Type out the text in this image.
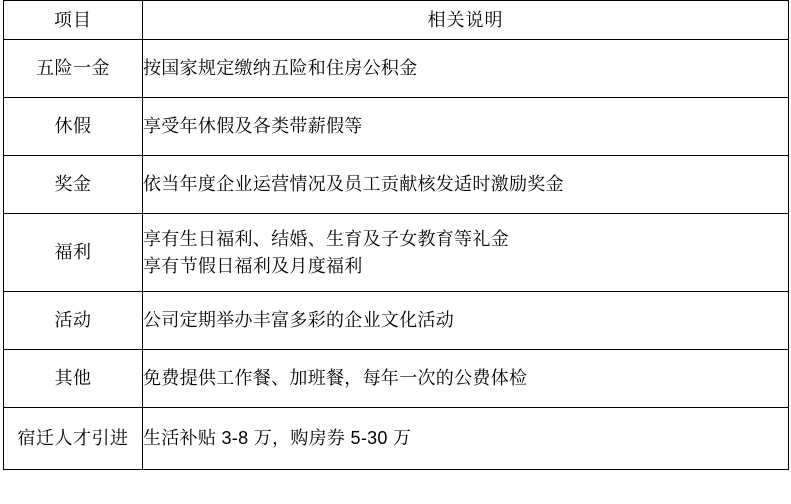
项目	相关说明
五险一金	按国家规定缴纳五险和住房公积金

休假	享受年休假及各类带薪假等

奖金	依当年度企业运营情况及员工贡献核发适时激励奖金

福利	享有生日福利、结婚、生育及子女教育等礼金
享有节假日福利及月度福利

活动	公司定期举办丰富多彩的企业文化活动

其他	免费提供工作餐、加班餐，每年一次的公费体检

宿迁人才引进	生活补贴 3-8 万，购房券 5-30 万
